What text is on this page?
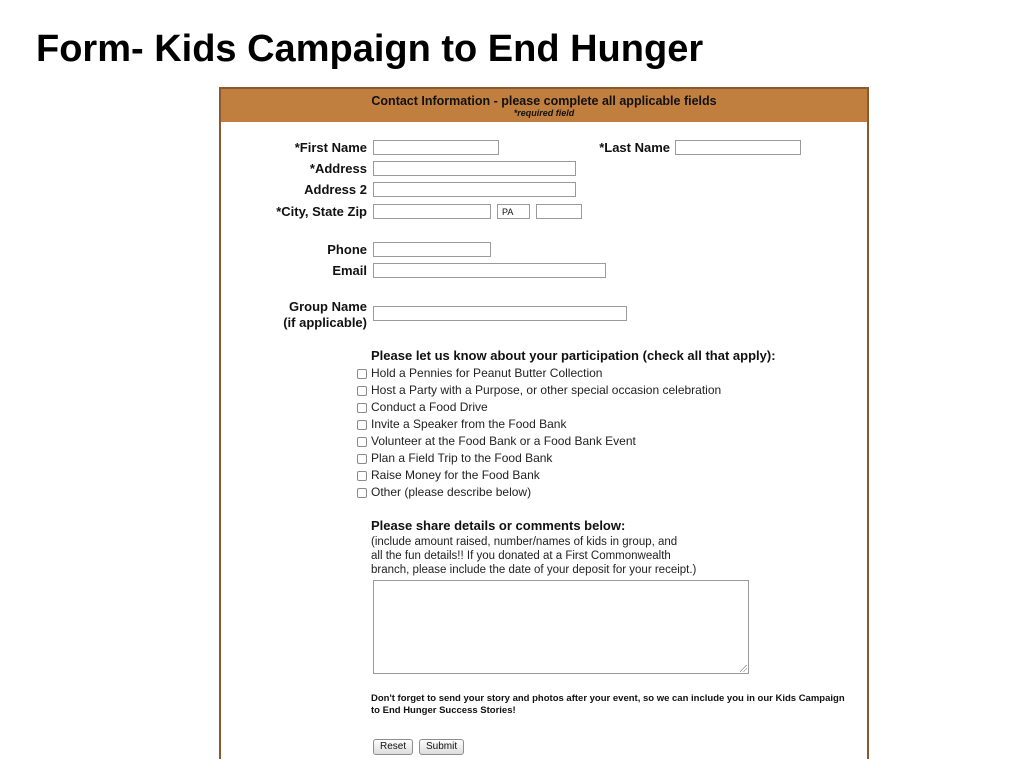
Form- Kids Campaign to End Hunger
Contact Information - please complete all applicable fields
*required field
*First Name	*Last Name
*Address
Address 2
*City, State Zip
PA
Phone
Email
Group Name
(if applicable)
Please let us know about your participation (check all that apply):
Hold a Pennies for Peanut Butter Collection
Host a Party with a Purpose, or other special occasion celebration
Conduct a Food Drive
Invite a Speaker from the Food Bank
Volunteer at the Food Bank or a Food Bank Event
Plan a Field Trip to the Food Bank
Raise Money for the Food Bank
Other (please describe below)
Please share details or comments below:
(include amount raised, number/names of kids in group, and
all the fun details!! If you donated at a First Commonwealth
branch, please include the date of your deposit for your receipt.)
Don't forget to send your story and photos after your event, so we can include you in our Kids Campaign to End Hunger Success Stories!
Reset	Submit
